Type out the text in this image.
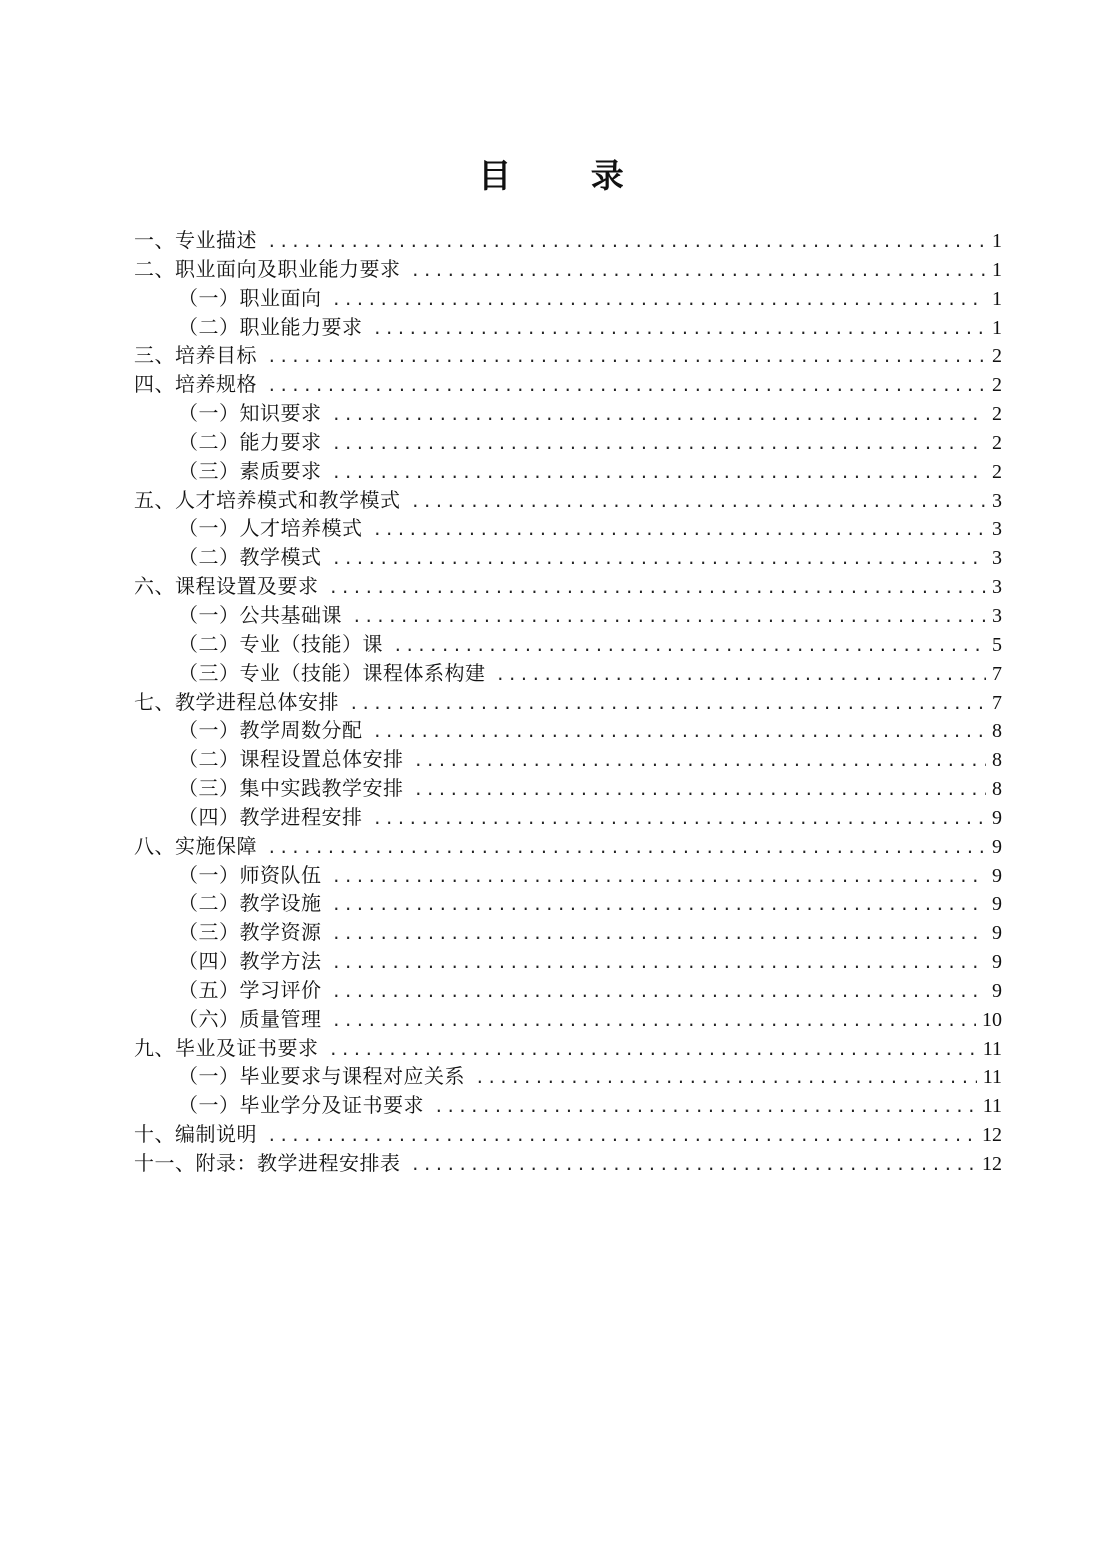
目 录
一、专业描述 .....	1
二、职业面向及职业能力要求 .....	1
（一）职业面向 .....	1
（二）职业能力要求 .....	1
三、培养目标 .....	2
四、培养规格 .....	2
（一）知识要求 .....	2
（二）能力要求 .....	2
（三）素质要求 .....	2
五、人才培养模式和教学模式 .....	3
（一）人才培养模式 .....	3
（二）教学模式 .....	3
六、课程设置及要求 .....	3
（一）公共基础课 .....	3
（二）专业（技能）课 .....	5
（三）专业（技能）课程体系构建 .....	7
七、教学进程总体安排 .....	7
（一）教学周数分配 .....	8
（二）课程设置总体安排 .....	8
（三）集中实践教学安排 .....	8
（四）教学进程安排 .....	9
八、实施保障 .....	9
（一）师资队伍 .....	9
（二）教学设施 .....	9
（三）教学资源 .....	9
（四）教学方法 .....	9
（五）学习评价 .....	9
（六）质量管理 .....	10
九、毕业及证书要求 .....	11
（一）毕业要求与课程对应关系 .....	11
（一）毕业学分及证书要求 .....	11
十、编制说明 .....	12
十一、附录：教学进程安排表 .....	12
